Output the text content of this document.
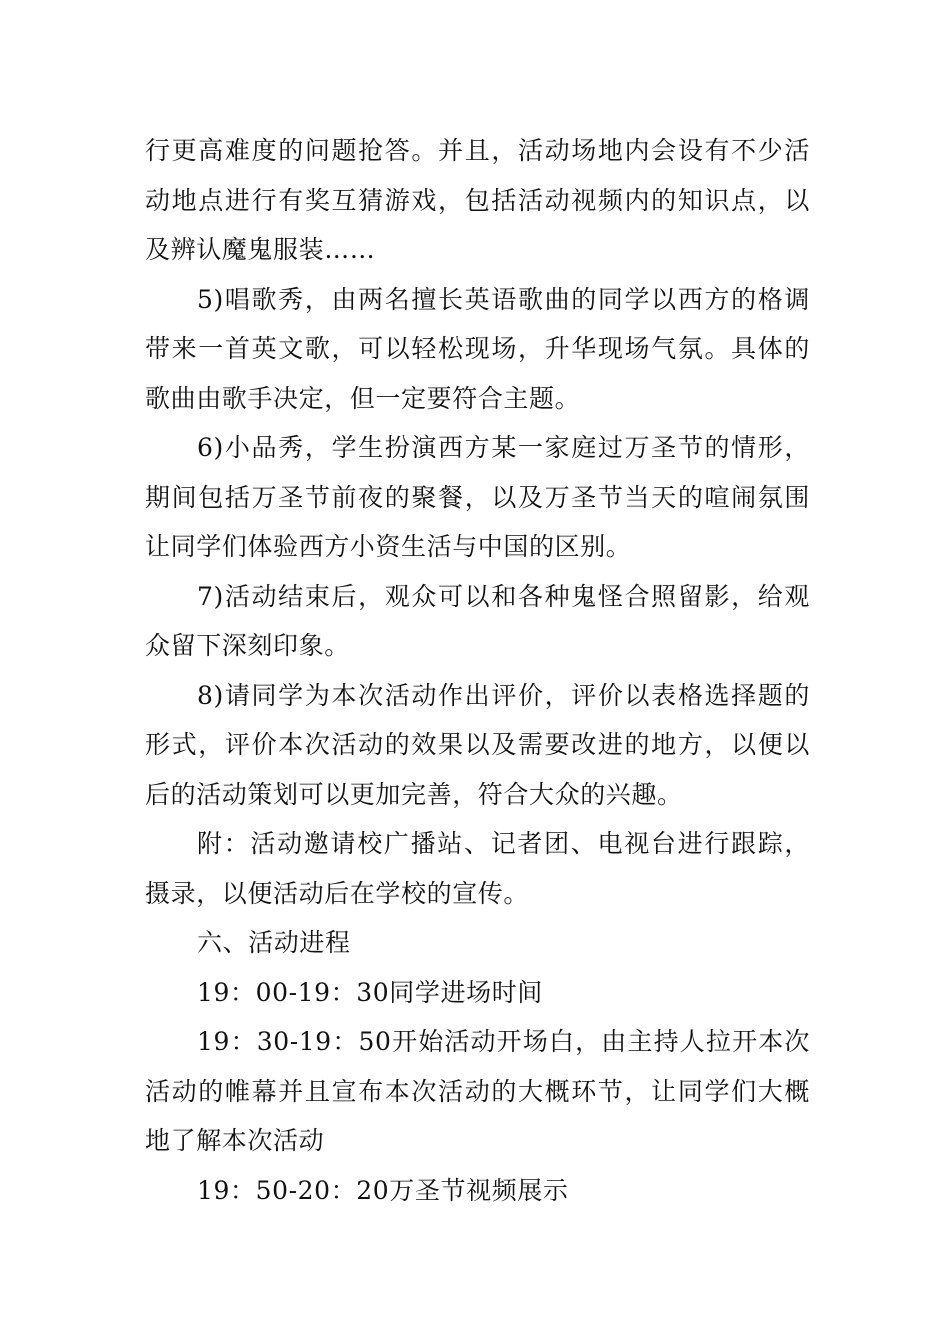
行更高难度的问题抢答。并且，活动场地内会设有不少活动地点进行有奖互猜游戏，包括活动视频内的知识点，以及辨认魔鬼服装……

5)唱歌秀，由两名擅长英语歌曲的同学以西方的格调带来一首英文歌，可以轻松现场，升华现场气氛。具体的歌曲由歌手决定，但一定要符合主题。

6)小品秀，学生扮演西方某一家庭过万圣节的情形，期间包括万圣节前夜的聚餐，以及万圣节当天的喧闹氛围让同学们体验西方小资生活与中国的区别。

7)活动结束后，观众可以和各种鬼怪合照留影，给观众留下深刻印象。

8)请同学为本次活动作出评价，评价以表格选择题的形式，评价本次活动的效果以及需要改进的地方，以便以后的活动策划可以更加完善，符合大众的兴趣。

附：活动邀请校广播站、记者团、电视台进行跟踪，摄录，以便活动后在学校的宣传。

六、活动进程

19：00-19：30同学进场时间

19：30-19：50开始活动开场白，由主持人拉开本次活动的帷幕并且宣布本次活动的大概环节，让同学们大概地了解本次活动

19：50-20：20万圣节视频展示
